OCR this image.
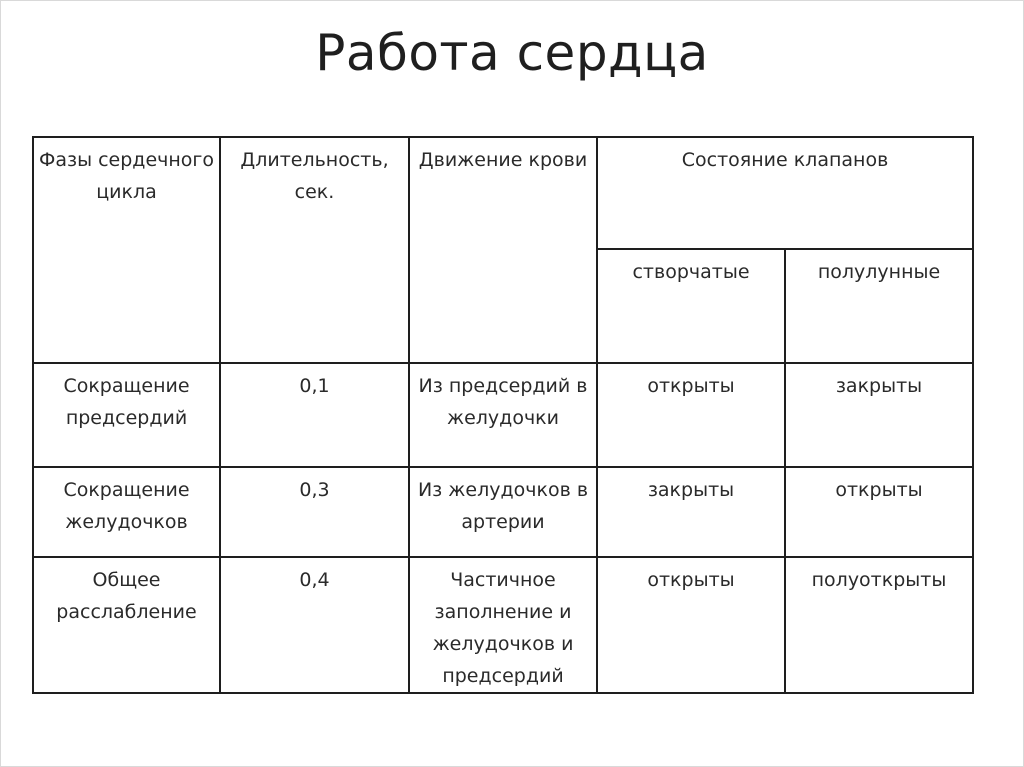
Работа сердца
Фазы сердечного цикла	Длительность, сек.	Движение крови	Состояние клапанов	
			створчатые	полулунные
Сокращение предсердий	0,1	Из предсердий в желудочки	открыты	закрыты
Сокращение желудочков	0,3	Из желудочков в артерии	закрыты	открыты
Общее расслабление	0,4	Частичное заполнение и желудочков и предсердий	открыты	полуоткрыты
